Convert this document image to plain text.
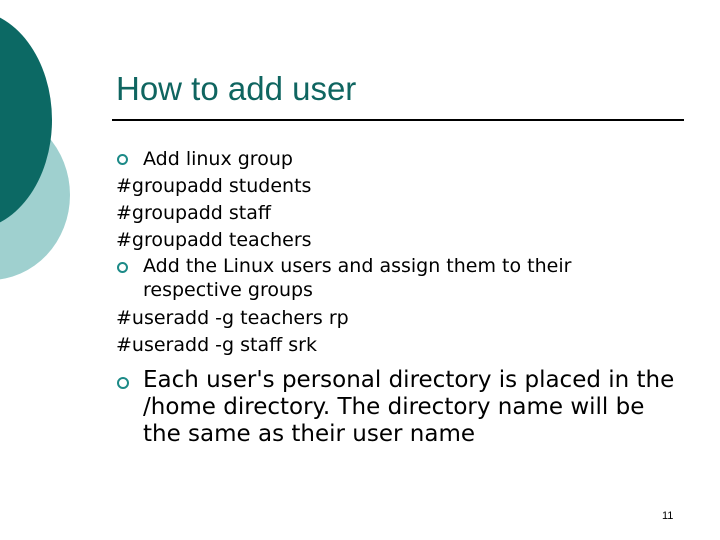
How to add user
Add linux group
#groupadd students
#groupadd staff
#groupadd teachers
Add the Linux users and assign them to their respective groups
#useradd -g teachers rp
#useradd -g staff srk
Each user's personal directory is placed in the /home directory. The directory name will be the same as their user name
11
